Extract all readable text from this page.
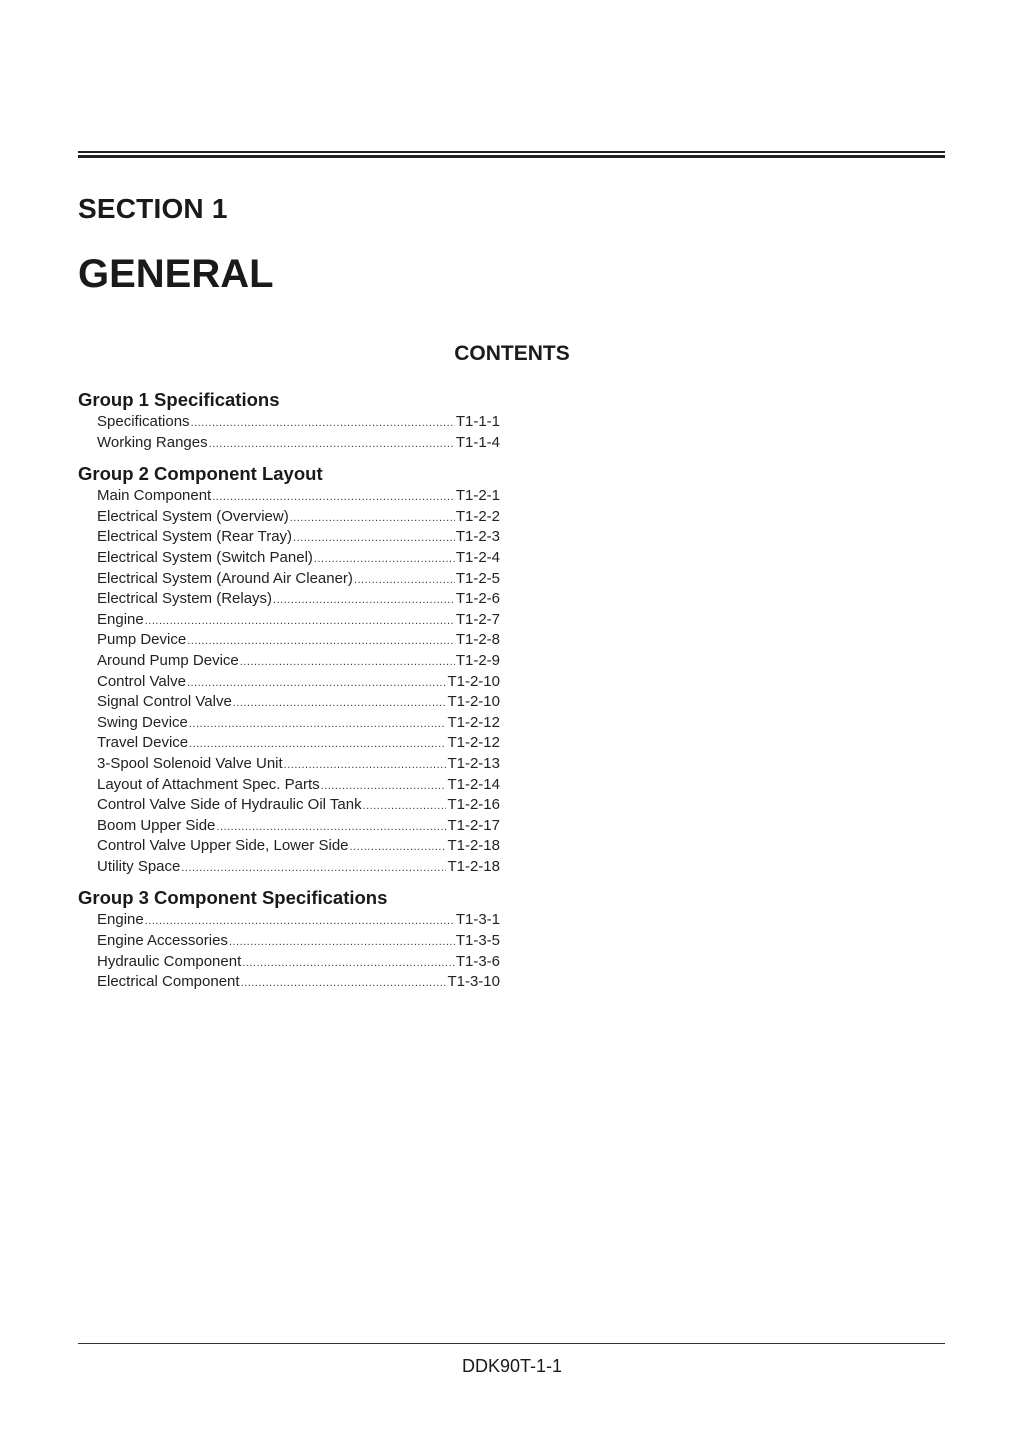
SECTION 1
GENERAL
CONTENTS
Group 1 Specifications
Specifications .....	T1-1-1
Working Ranges .....	T1-1-4
Group 2 Component Layout
Main Component .....	T1-2-1
Electrical System (Overview) .....	T1-2-2
Electrical System (Rear Tray) .....	T1-2-3
Electrical System (Switch Panel) .....	T1-2-4
Electrical System (Around Air Cleaner) .....	T1-2-5
Electrical System (Relays) .....	T1-2-6
Engine .....	T1-2-7
Pump Device .....	T1-2-8
Around Pump Device .....	T1-2-9
Control Valve .....	T1-2-10
Signal Control Valve .....	T1-2-10
Swing Device .....	T1-2-12
Travel Device .....	T1-2-12
3-Spool Solenoid Valve Unit .....	T1-2-13
Layout of Attachment Spec. Parts .....	T1-2-14
Control Valve Side of Hydraulic Oil Tank .....	T1-2-16
Boom Upper Side .....	T1-2-17
Control Valve Upper Side, Lower Side .....	T1-2-18
Utility Space .....	T1-2-18
Group 3 Component Specifications
Engine .....	T1-3-1
Engine Accessories .....	T1-3-5
Hydraulic Component .....	T1-3-6
Electrical Component .....	T1-3-10
DDK90T-1-1
